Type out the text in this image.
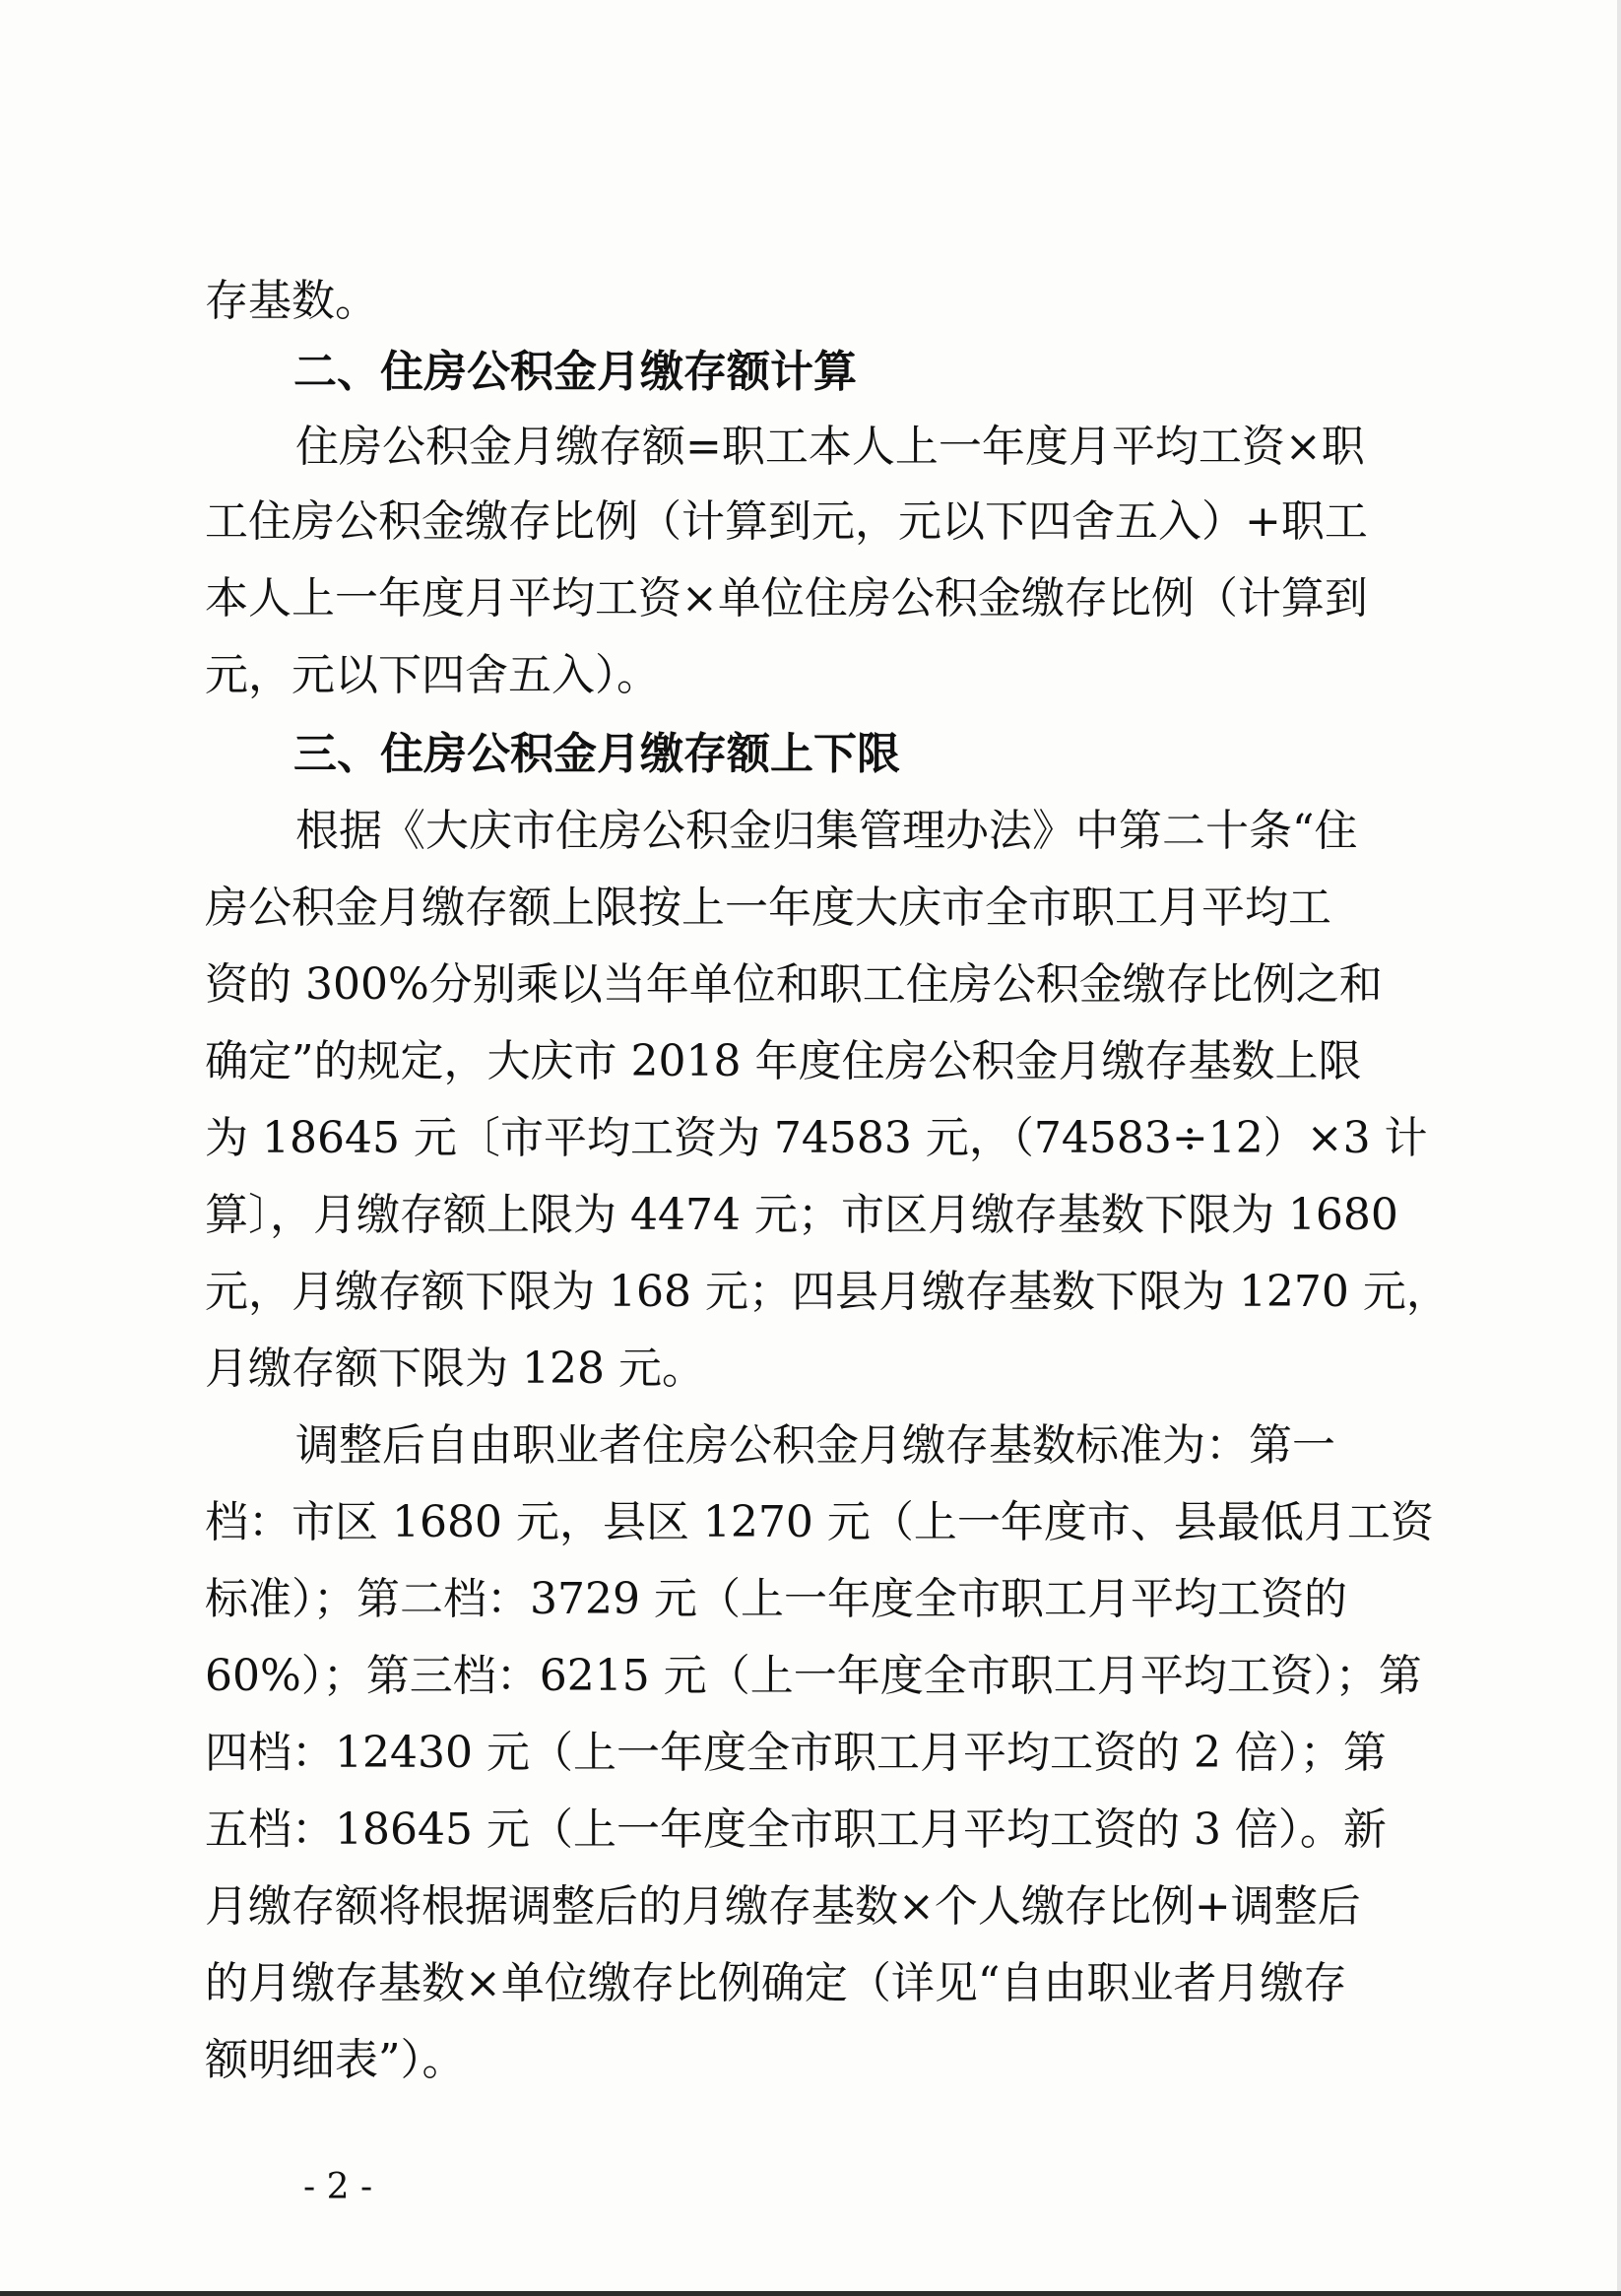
存基数。
二、住房公积金月缴存额计算
住房公积金月缴存额=职工本人上一年度月平均工资×职
工住房公积金缴存比例（计算到元，元以下四舍五入）+职工
本人上一年度月平均工资×单位住房公积金缴存比例（计算到
元，元以下四舍五入）。
三、住房公积金月缴存额上下限
根据《大庆市住房公积金归集管理办法》中第二十条“住
房公积金月缴存额上限按上一年度大庆市全市职工月平均工
资的 300%分别乘以当年单位和职工住房公积金缴存比例之和
确定”的规定，大庆市 2018 年度住房公积金月缴存基数上限
为 18645 元〔市平均工资为 74583 元，（74583÷12）×3 计
算〕，月缴存额上限为 4474 元；市区月缴存基数下限为 1680
元，月缴存额下限为 168 元；四县月缴存基数下限为 1270 元，
月缴存额下限为 128 元。
调整后自由职业者住房公积金月缴存基数标准为：第一
档：市区 1680 元，县区 1270 元（上一年度市、县最低月工资
标准）；第二档：3729 元（上一年度全市职工月平均工资的
60%）；第三档：6215 元（上一年度全市职工月平均工资）；第
四档：12430 元（上一年度全市职工月平均工资的 2 倍）；第
五档：18645 元（上一年度全市职工月平均工资的 3 倍）。新
月缴存额将根据调整后的月缴存基数×个人缴存比例+调整后
的月缴存基数×单位缴存比例确定（详见“自由职业者月缴存
额明细表”）。
- 2 -
